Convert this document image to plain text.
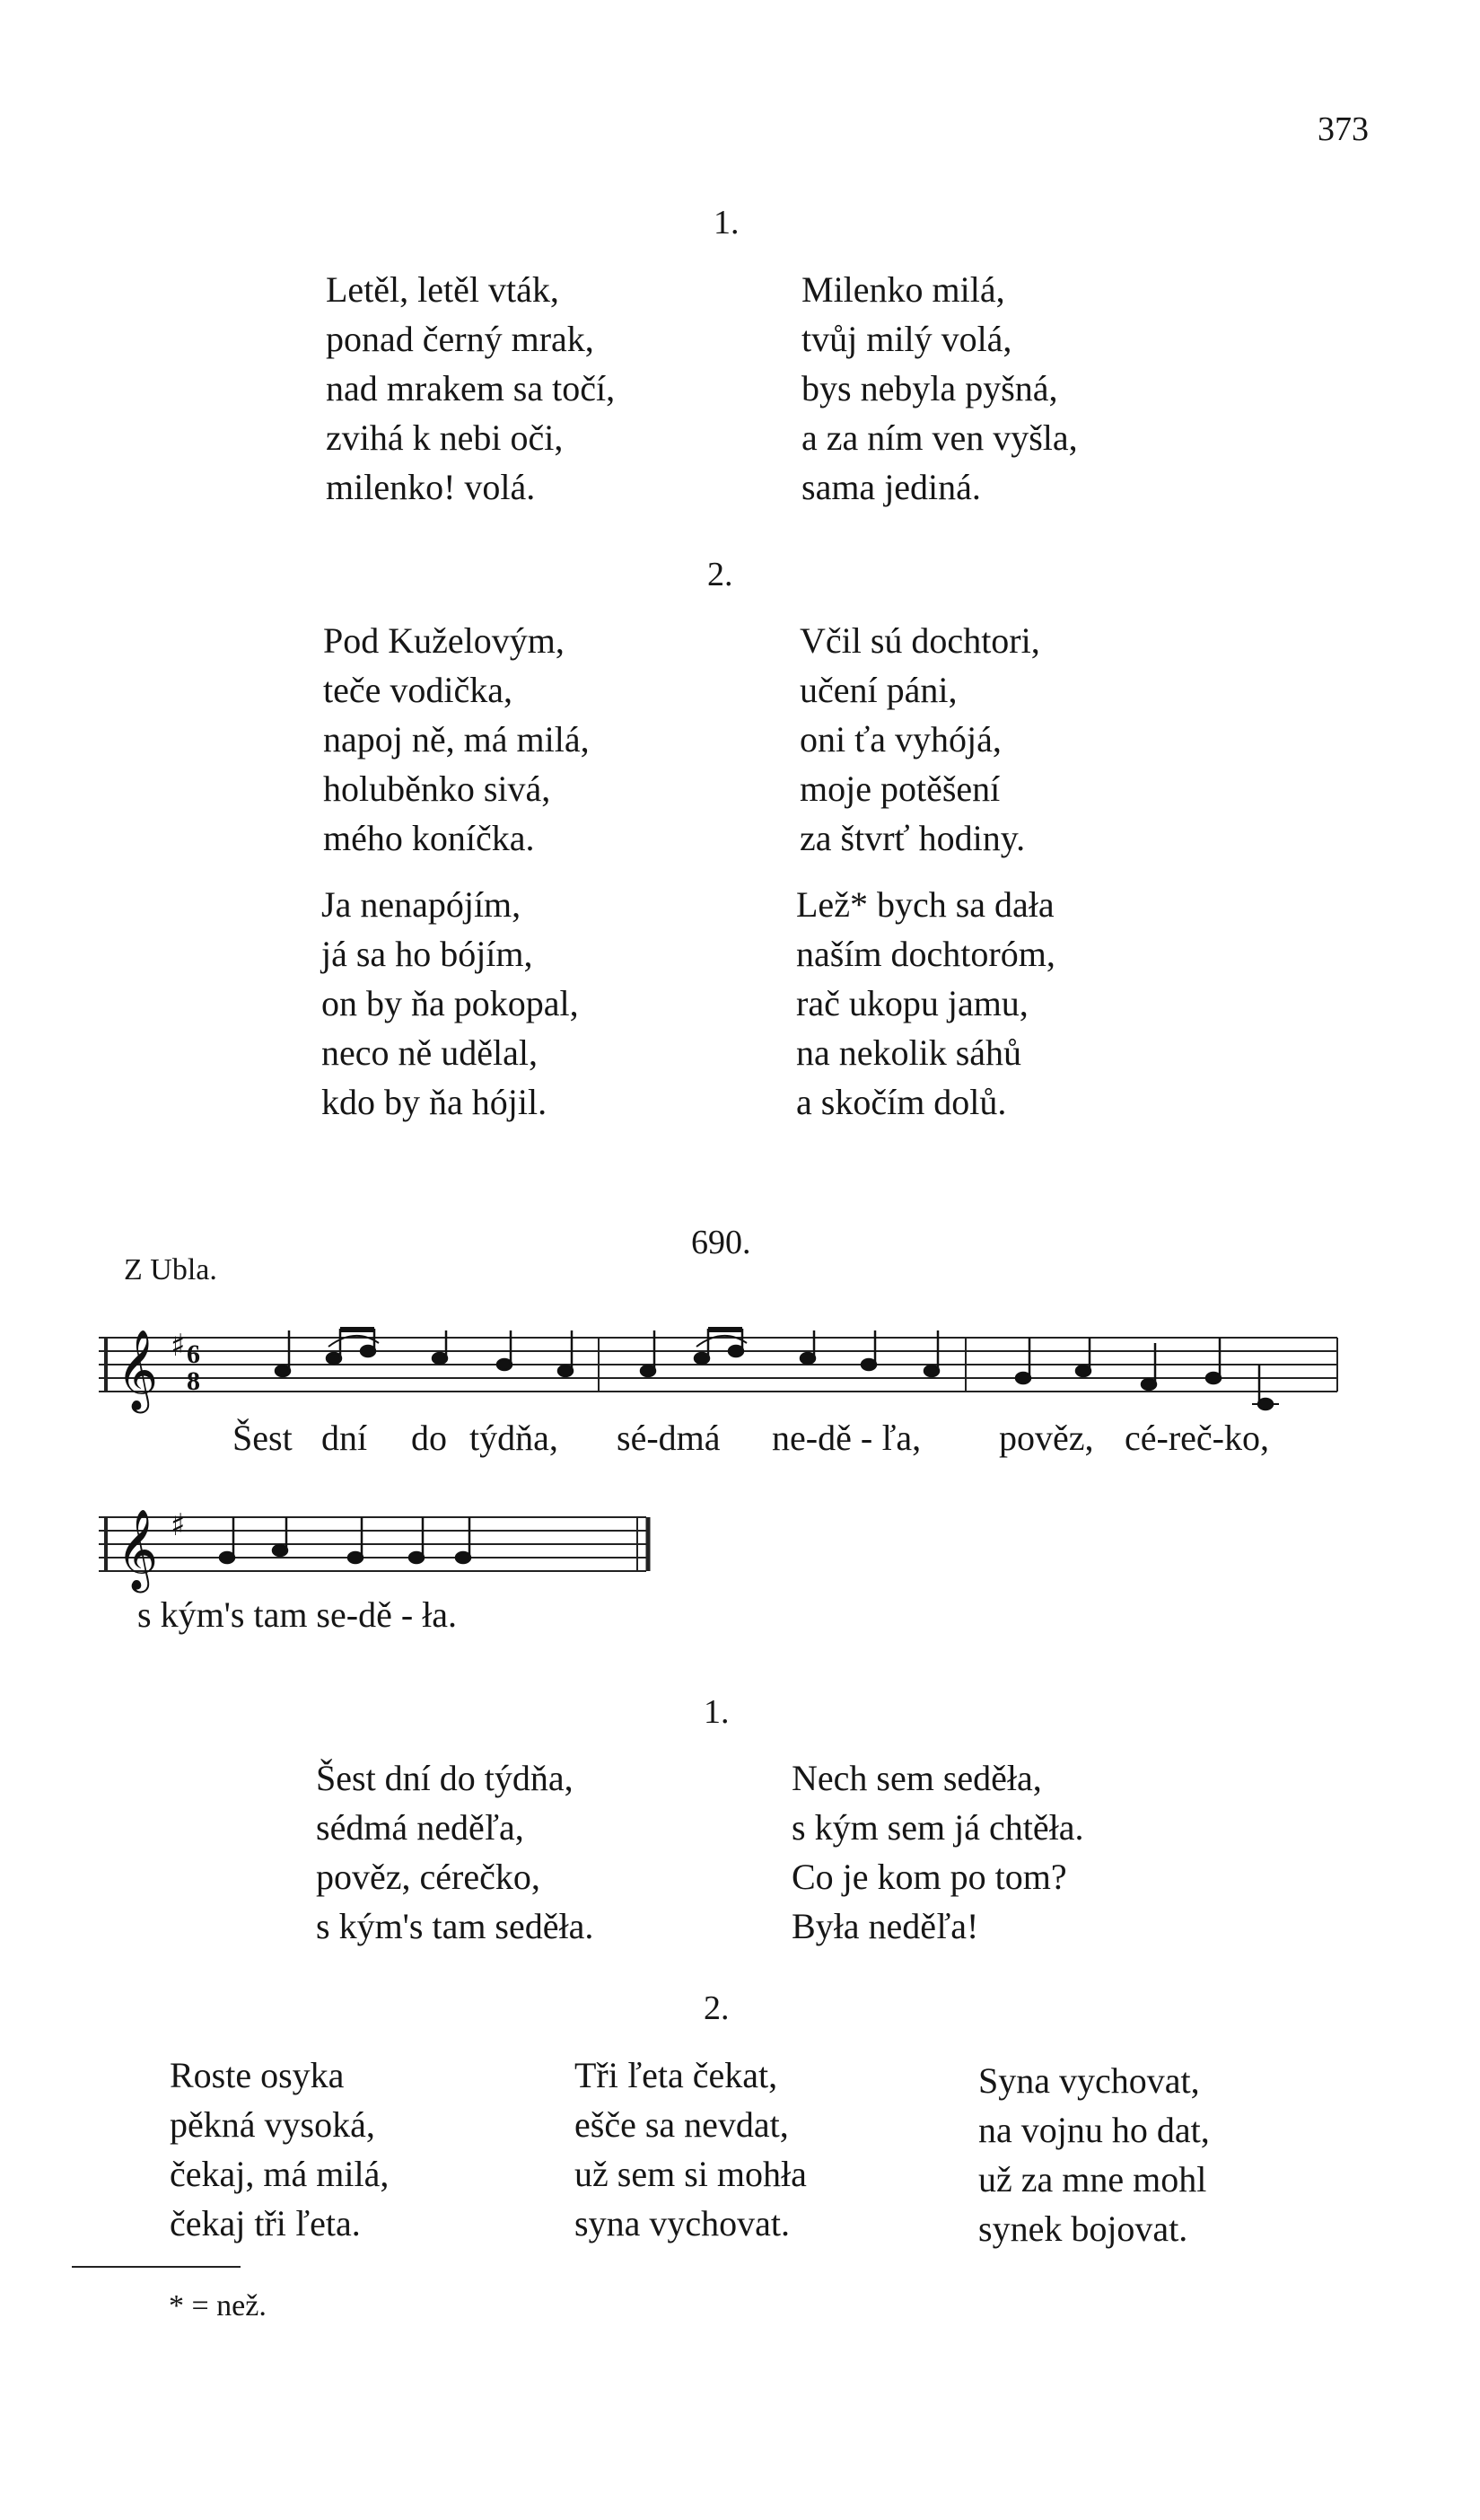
373
1.
Letěl, letěl vták,
ponad černý mrak,
nad mrakem sa točí,
zvihá k nebi oči,
milenko! volá.
Milenko milá,
tvůj milý volá,
bys nebyla pyšná,
a za ním ven vyšla,
sama jediná.
2.
Pod Kuželovým,
teče vodička,
napoj ně, má milá,
holuběnko sivá,
mého koníčka.
Včil sú dochtori,
učení páni,
oni ťa vyhójá,
moje potěšení
za štvrť hodiny.
Ja nenapójím,
já sa ho bójím,
on by ňa pokopal,
neco ně udělal,
kdo by ňa hójil.
Lež* bych sa dała
naším dochtoróm,
rač ukopu jamu,
na nekolik sáhů
a skočím dolů.
690.
Z Ubla.
𝄞 ♯ 6
8
Šest dní do týdňa, sé-dmá ne-dě - ľa, pověz, cé-reč-ko,
𝄞 ♯
s kým's tam se-dě - ła.
1.
Šest dní do týdňa,
sédmá neděľa,
pověz, cérečko,
s kým's tam seděła.
Nech sem seděła,
s kým sem já chtěła.
Co je kom po tom?
Była neděľa!
2.
Roste osyka
pěkná vysoká,
čekaj, má milá,
čekaj tři ľeta.
Tři ľeta čekat,
ešče sa nevdat,
už sem si mohła
syna vychovat.
Syna vychovat,
na vojnu ho dat,
už za mne mohl
synek bojovat.
* = než.
